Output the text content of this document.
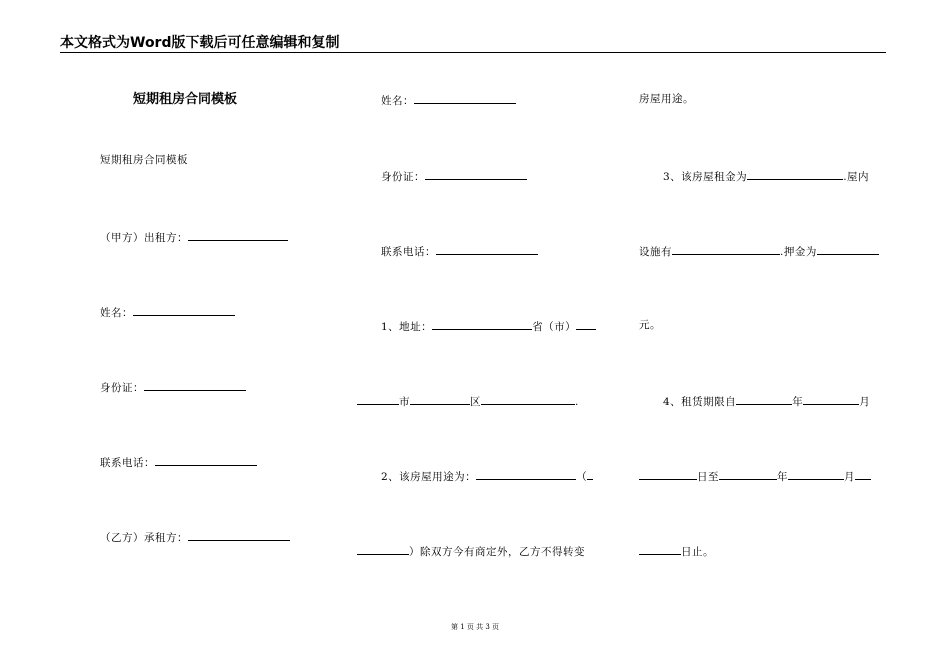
本文格式为Word版下载后可任意编辑和复制
短期租房合同模板
短期租房合同模板
（甲方）出租方：
姓名：
身份证：
联系电话：
（乙方）承租方：
姓名：
身份证：
联系电话：
1、地址：	省（市）
市	区	.
2、该房屋用途为：	（
）除双方今有商定外，乙方不得转变
房屋用途。
3、该房屋租金为	.屋内
设施有	.押金为
元。
4、租赁期限自	年	月
日至	年	月
日止。
第 1 页 共 3 页
